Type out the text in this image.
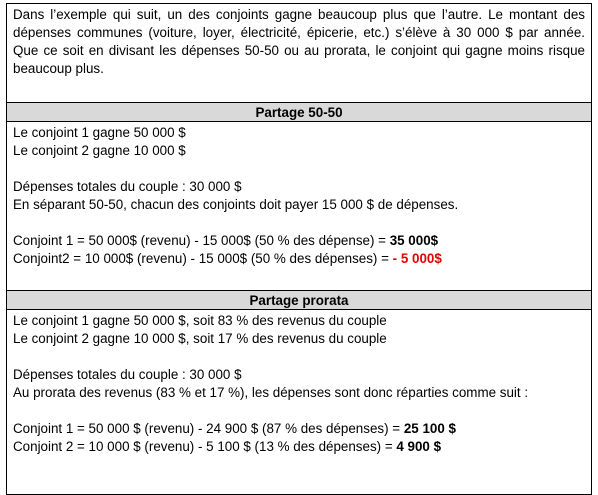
Dans l’exemple qui suit, un des conjoints gagne beaucoup plus que l’autre. Le montant des dépenses communes (voiture, loyer, électricité, épicerie, etc.) s’élève à 30 000 $ par année. Que ce soit en divisant les dépenses 50-50 ou au prorata, le conjoint qui gagne moins risque beaucoup plus.
Partage 50-50
Le conjoint 1 gagne 50 000 $
Le conjoint 2 gagne 10 000 $
Dépenses totales du couple : 30 000 $
En séparant 50-50, chacun des conjoints doit payer 15 000 $ de dépenses.
Conjoint 1 = 50 000$ (revenu) - 15 000$ (50 % des dépense) = 35 000$
Conjoint2 = 10 000$ (revenu) - 15 000$ (50 % des dépenses) = - 5 000$
Partage prorata
Le conjoint 1 gagne 50 000 $, soit 83 % des revenus du couple
Le conjoint 2 gagne 10 000 $, soit 17 % des revenus du couple
Dépenses totales du couple : 30 000 $
Au prorata des revenus (83 % et 17 %), les dépenses sont donc réparties comme suit :
Conjoint 1 = 50 000 $ (revenu) - 24 900 $ (87 % des dépenses) = 25 100 $
Conjoint 2 = 10 000 $ (revenu) - 5 100 $ (13 % des dépenses) = 4 900 $
